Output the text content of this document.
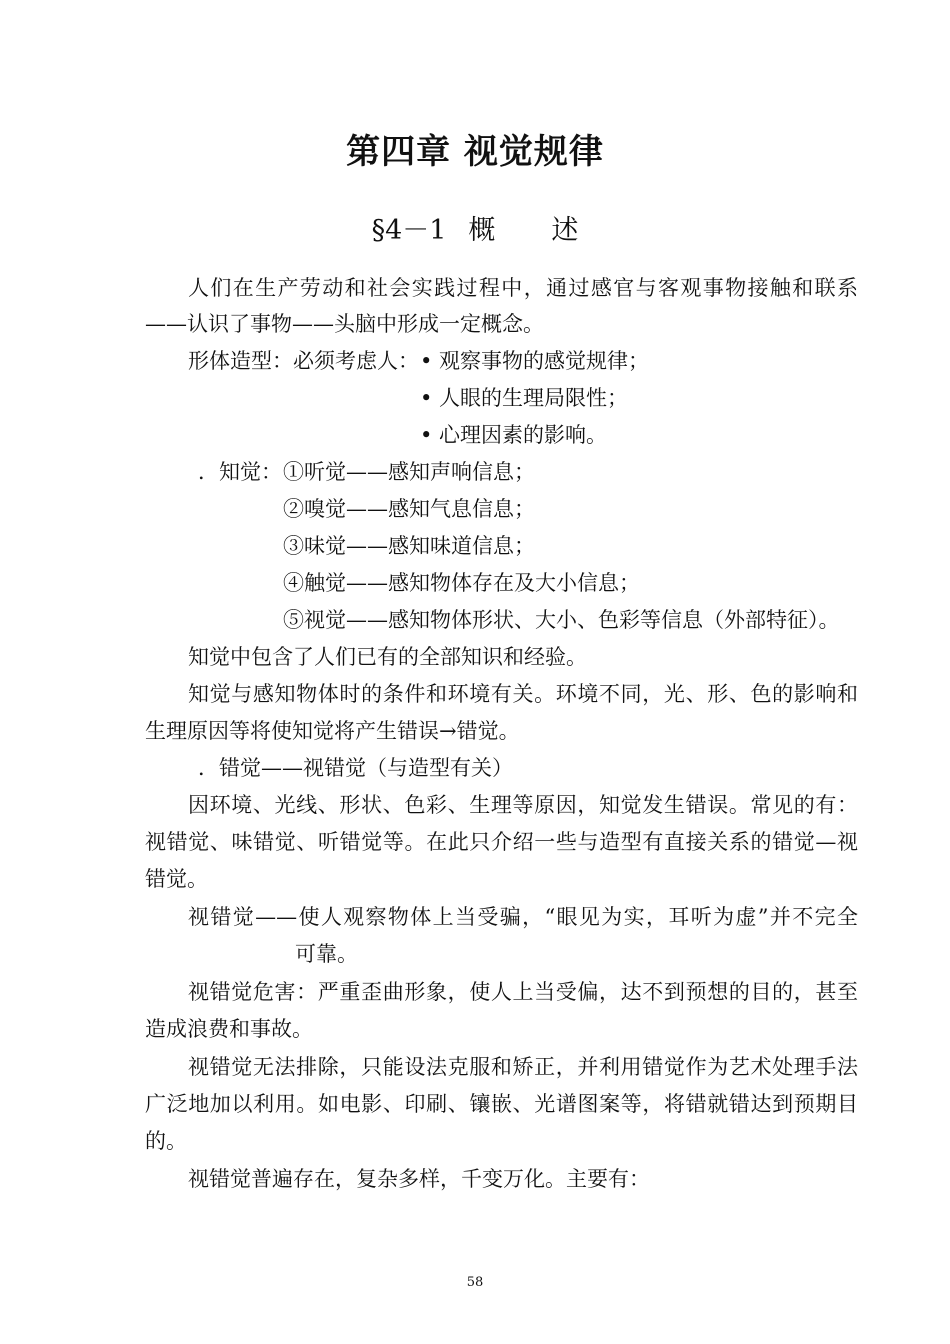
第四章 视觉规律
§4－1 概 述
人们在生产劳动和社会实践过程中，通过感官与客观事物接触和联系
——认识了事物——头脑中形成一定概念。
形体造型：必须考虑人： • 观察事物的感觉规律；
• 人眼的生理局限性；
• 心理因素的影响。
．知觉： ①听觉——感知声响信息；
②嗅觉——感知气息信息；
③味觉——感知味道信息；
④触觉——感知物体存在及大小信息；
⑤视觉——感知物体形状、大小、色彩等信息（外部特征）。
知觉中包含了人们已有的全部知识和经验。
知觉与感知物体时的条件和环境有关。环境不同，光、形、色的影响和
生理原因等将使知觉将产生错误→错觉。
．错觉——视错觉（与造型有关）
因环境、光线、形状、色彩、生理等原因，知觉发生错误。常见的有：
视错觉、味错觉、听错觉等。在此只介绍一些与造型有直接关系的错觉—视
错觉。
视错觉——使人观察物体上当受骗，“眼见为实，耳听为虚”并不完全
可靠。
视错觉危害：严重歪曲形象，使人上当受偏，达不到预想的目的，甚至
造成浪费和事故。
视错觉无法排除，只能设法克服和矫正，并利用错觉作为艺术处理手法
广泛地加以利用。如电影、印刷、镶嵌、光谱图案等，将错就错达到预期目
的。
视错觉普遍存在，复杂多样，千变万化。主要有：
58
